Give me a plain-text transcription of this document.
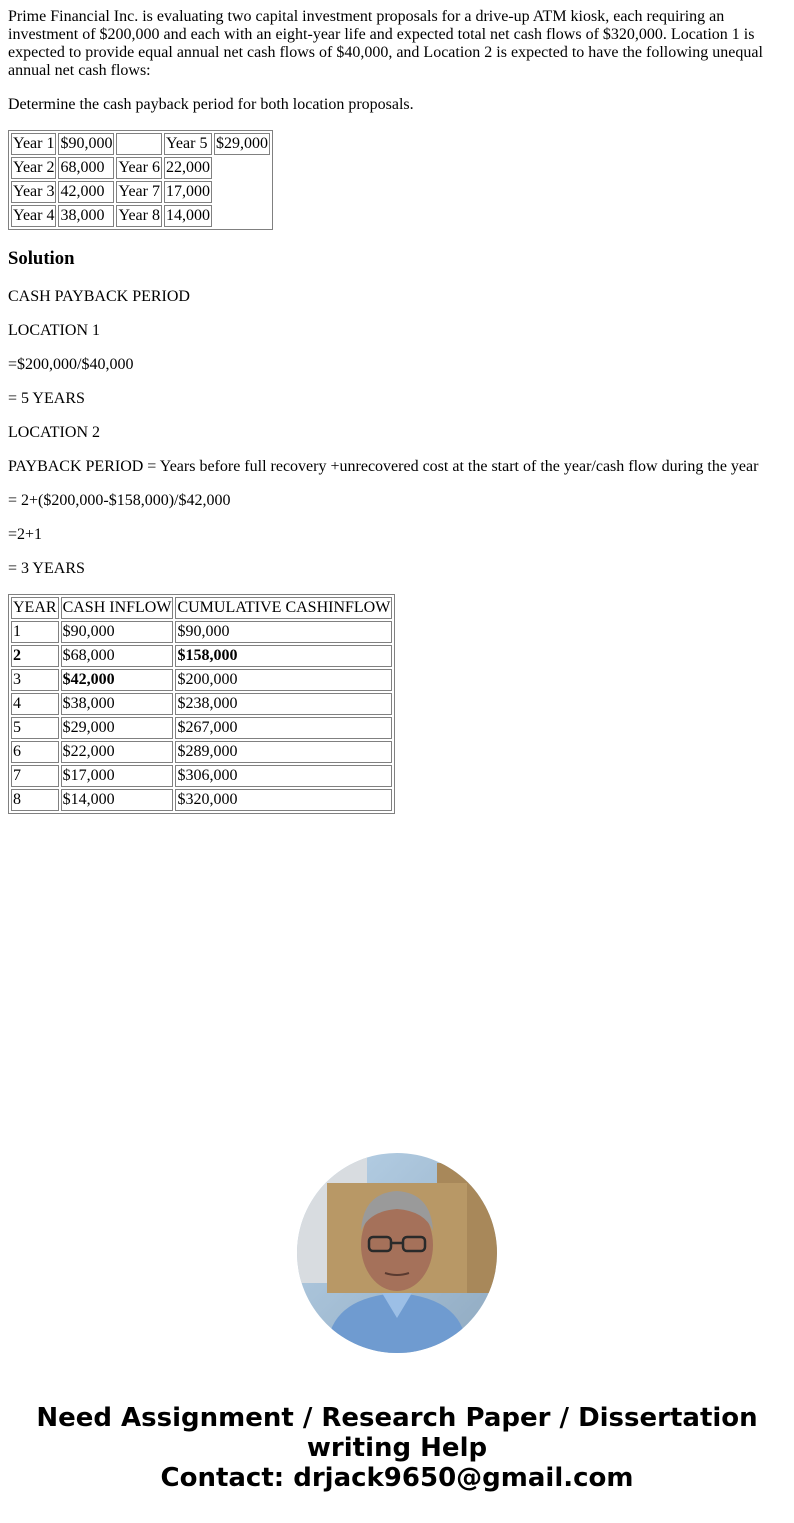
Prime Financial Inc. is evaluating two capital investment proposals for a drive-up ATM kiosk, each requiring an investment of $200,000 and each with an eight-year life and expected total net cash flows of $320,000. Location 1 is expected to provide equal annual net cash flows of $40,000, and Location 2 is expected to have the following unequal annual net cash flows:

Determine the cash payback period for both location proposals.

Year 1	$90,000		Year 5	$29,000
Year 2	68,000	Year 6	22,000	
Year 3	42,000	Year 7	17,000	
Year 4	38,000	Year 8	14,000	
Solution

CASH PAYBACK PERIOD

LOCATION 1

=$200,000/$40,000

= 5 YEARS

LOCATION 2

PAYBACK PERIOD = Years before full recovery +unrecovered cost at the start of the year/cash flow during the year

= 2+($200,000-$158,000)/$42,000

=2+1

= 3 YEARS

YEAR	CASH INFLOW	CUMULATIVE CASHINFLOW
1	$90,000	$90,000
2	$68,000	$158,000
3	$42,000	$200,000
4	$38,000	$238,000
5	$29,000	$267,000
6	$22,000	$289,000
7	$17,000	$306,000
8	$14,000	$320,000
Need Assignment / Research Paper / Dissertation
writing Help
Contact: drjack9650@gmail.com
